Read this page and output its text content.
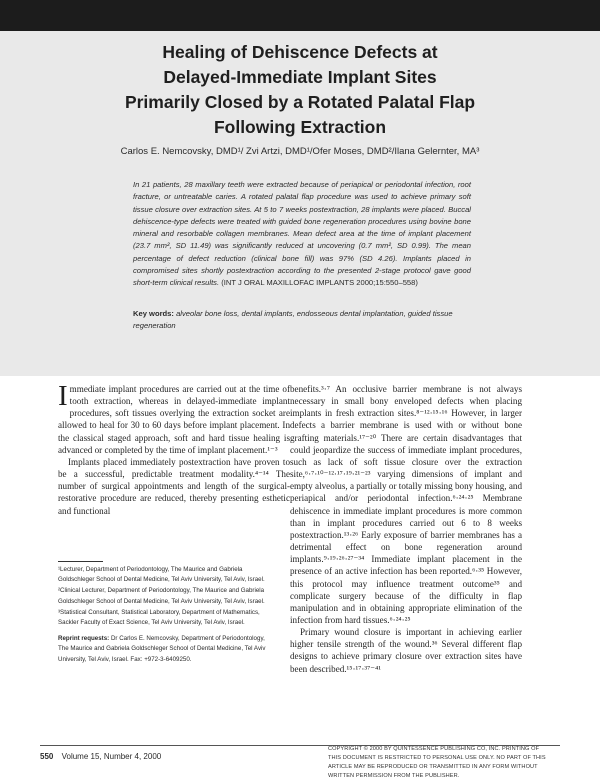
Healing of Dehiscence Defects at
Delayed-Immediate Implant Sites
Primarily Closed by a Rotated Palatal Flap
Following Extraction
Carlos E. Nemcovsky, DMD¹/ Zvi Artzi, DMD¹/Ofer Moses, DMD²/Ilana Gelernter, MA³
In 21 patients, 28 maxillary teeth were extracted because of periapical or periodontal infection, root fracture, or untreatable caries. A rotated palatal flap procedure was used to achieve primary soft tissue closure over extraction sites. At 5 to 7 weeks postextraction, 28 implants were placed. Buccal dehiscence-type defects were treated with guided bone regeneration procedures using bovine bone mineral and resorbable collagen membranes. Mean defect area at the time of implant placement (23.7 mm², SD 11.49) was significantly reduced at uncovering (0.7 mm², SD 0.99). The mean percentage of defect reduction (clinical bone fill) was 97% (SD 4.26). Implants placed in compromised sites shortly postextraction according to the presented 2-stage protocol gave good short-term clinical results. (INT J ORAL MAXILLOFAC IMPLANTS 2000;15:550–558)
Key words: alveolar bone loss, dental implants, endosseous dental implantation, guided tissue regeneration

Immediate implant procedures are carried out at the time of tooth extraction, whereas in delayed-immediate implant procedures, soft tissues overlying the extraction socket are allowed to heal for 30 to 60 days before implant placement. In the classical staged approach, soft and hard tissue healing is advanced or completed by the time of implant placement.¹⁻³

Implants placed immediately postextraction have proven to be a successful, predictable treatment modality.⁴⁻¹⁴ The number of surgical appointments and length of the surgical-restorative procedure are reduced, thereby presenting esthetic and functional

benefits.³·⁷ An occlusive barrier membrane is not always necessary in small bony enveloped defects when placing implants in fresh extraction sites.⁸⁻¹²·¹⁵·¹⁶ However, in larger defects a barrier membrane is used with or without bone grafting materials.¹⁷⁻²⁰ There are certain disadvantages that could jeopardize the success of immediate implant procedures, such as lack of soft tissue closure over the extraction site,⁶·⁷·¹⁰⁻¹²·¹⁷·¹⁹·²¹⁻²³ varying dimensions of implant and empty alveolus, a partially or totally missing bony housing, and periapical and/or periodontal infection.⁶·²⁴·²⁵ Membrane dehiscence in immediate implant procedures is more common than in implant procedures carried out 6 to 8 weeks postextraction.¹³·²⁶ Early exposure of barrier membranes has a detrimental effect on bone regeneration around implants.⁹·¹⁹·²⁶·²⁷⁻³⁴ Immediate implant placement in the presence of an active infection has been reported.⁶·³⁵ However, this protocol may influence treatment outcome³⁵ and complicate surgery because of the difficulty in flap manipulation and in obtaining appropriate elimination of the infection from hard tissues.⁶·²⁴·²⁵

Primary wound closure is important in achieving earlier higher tensile strength of the wound.³⁶ Several different flap designs to achieve primary closure over extraction sites have been described.¹⁵·¹⁷·³⁷⁻⁴¹

¹Lecturer, Department of Periodontology, The Maurice and Gabriela Goldschleger School of Dental Medicine, Tel Aviv University, Tel Aviv, Israel.

²Clinical Lecturer, Department of Periodontology, The Maurice and Gabriela Goldschleger School of Dental Medicine, Tel Aviv University, Tel Aviv, Israel.

³Statistical Consultant, Statistical Laboratory, Department of Mathematics, Sackler Faculty of Exact Science, Tel Aviv University, Tel Aviv, Israel.

Reprint requests: Dr Carlos E. Nemcovsky, Department of Periodontology, The Maurice and Gabriela Goldschleger School of Dental Medicine, Tel Aviv University, Tel Aviv, Israel. Fax: +972-3-6409250.

550 Volume 15, Number 4, 2000
COPYRIGHT © 2000 BY QUINTESSENCE PUBLISHING CO, INC. PRINTING OF THIS DOCUMENT IS RESTRICTED TO PERSONAL USE ONLY. NO PART OF THIS ARTICLE MAY BE REPRODUCED OR TRANSMITTED IN ANY FORM WITHOUT WRITTEN PERMISSION FROM THE PUBLISHER.
